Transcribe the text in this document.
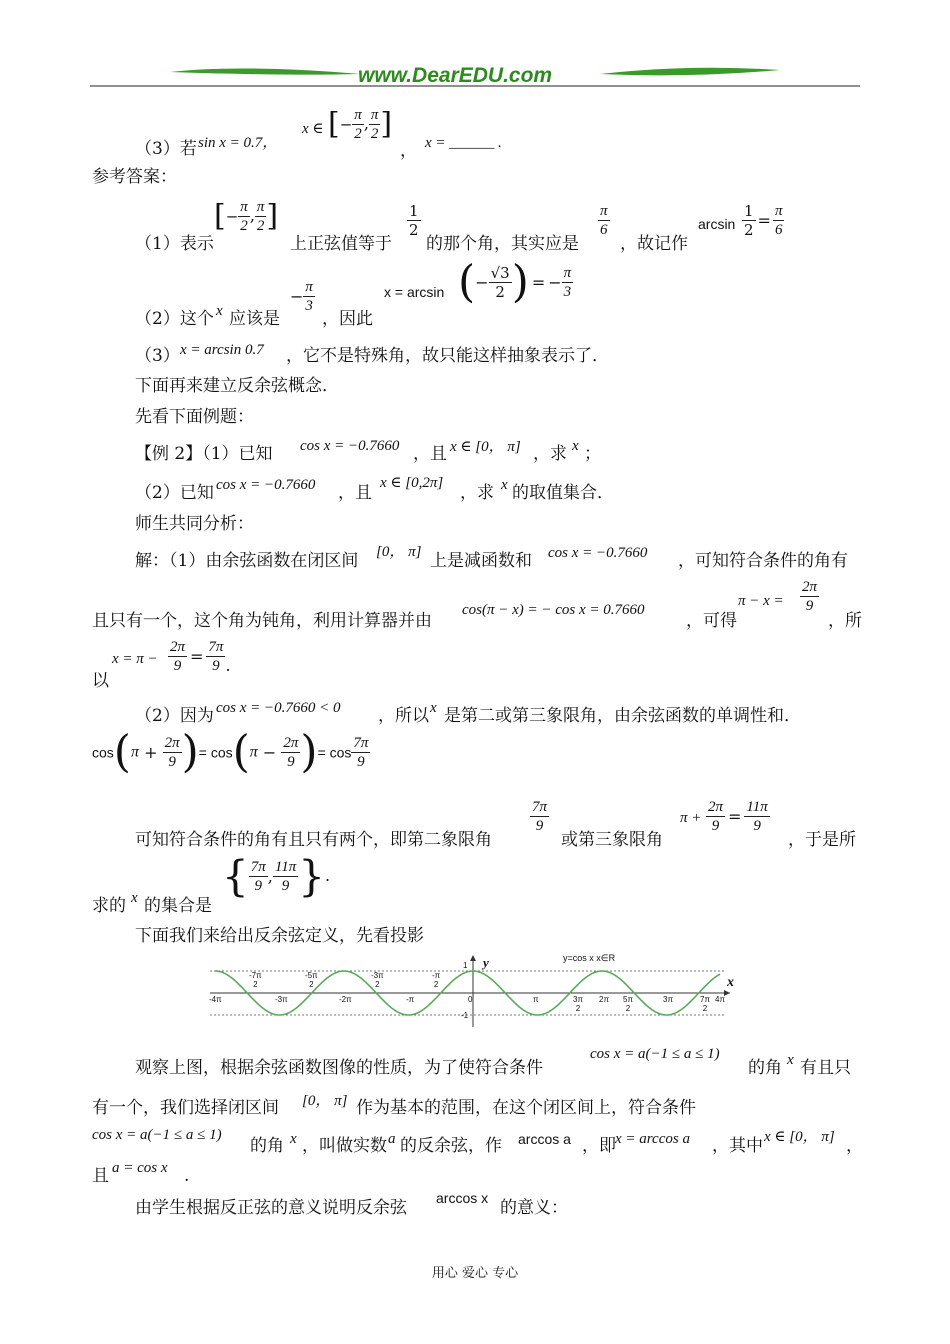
www.DearEDU.com
（3）若 sin x = 0.7，
x ∈ [− $\frac{\pi}{2}$ , $\frac{\pi}{2}$ ]
， x = ______ .
参考答案：
（1）表示
[− $\frac{\pi}{2}$ , $\frac{\pi}{2}$ ]
上正弦值等于
$\frac{1}{2}$
的那个角，其实应是
$\frac{\pi}{6}$
，故记作
$\arcsin \frac{1}{2} = \frac{\pi}{6}$
（2）这个 x 应该是
− $\frac{\pi}{3}$
，因此
x = arcsin (− $\frac{√3}{2}$ ) = − $\frac{\pi}{3}$
（3） x = arcsin 0.7 ，它不是特殊角，故只能这样抽象表示了．
下面再来建立反余弦概念．
先看下面例题：
【例 2】（1）已知 cos x = −0.7660 ，且 x ∈ [0， π] ，求 x ；
（2）已知 cos x = −0.7660 ，且 x ∈ [0,2π] ，求 x 的取值集合．
师生共同分析：
解：（1）由余弦函数在闭区间 [0， π] 上是减函数和 cos x = −0.7660 ，可知符合条件的角有
且只有一个，这个角为钝角，利用计算器并由
cos(π − x) = − cos x = 0.7660
，可得
$\pi - x = \frac{2\pi}{9}$
，所
以
$x = \pi - \frac{2\pi}{9} = \frac{7\pi}{9}$ .
（2）因为 cos x = −0.7660 < 0 ，所以 x 是第二或第三象限角，由余弦函数的单调性和．
$\cos(\pi + \frac{2\pi}{9}$ )= $\cos(\pi - \frac{2\pi}{9}$ )= $\cos \frac{7\pi}{9}$
可知符合条件的角有且只有两个，即第二象限角
$\frac{7\pi}{9}$
或第三象限角
$\pi + \frac{2\pi}{9} = \frac{11\pi}{9}$
，于是所
求的 x 的集合是
{ $\frac{7\pi}{9}$ , $\frac{11\pi}{9}$ }.
下面我们来给出反余弦定义，先看投影
y=cos x x∈R
y
x
1
-1
-4π	-3π	-2π	-π	0	π	3π
2
2π 5π
2
3π	7π
2
4π
-7π
2
-5π
2
-3π
2
-π
2
观察上图，根据余弦函数图像的性质，为了使符合条件
cos x = a(−1 ≤ a ≤ 1)
的角 x 有且只
有一个，我们选择闭区间 [0， π] 作为基本的范围，在这个闭区间上，符合条件
cos x = a(−1 ≤ a ≤ 1)
的角 x ，叫做实数 a 的反余弦，作 arccos a ，即 x = arccos a ，其中 x ∈ [0， π] ，
且 a = cos x .
由学生根据反正弦的意义说明反余弦 arccos x 的意义：
用心 爱心 专心
